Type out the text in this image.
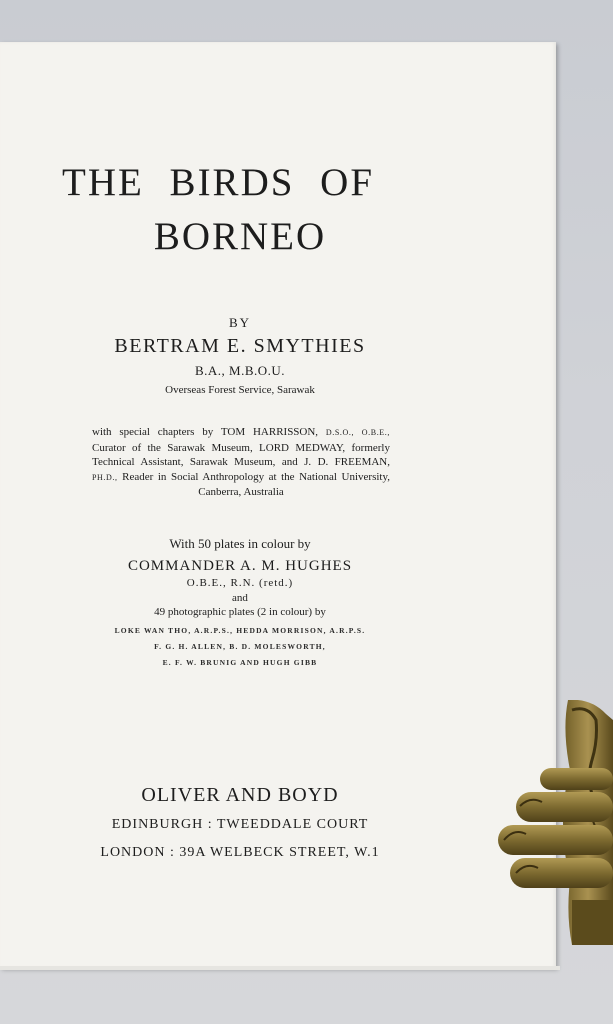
THE BIRDS OF
BORNEO
BY
BERTRAM E. SMYTHIES
B.A., M.B.O.U.
Overseas Forest Service, Sarawak
with special chapters by TOM HARRISSON, D.S.O., O.B.E., Curator of the Sarawak Museum, LORD MEDWAY, formerly Technical Assistant, Sarawak Museum, and J. D. FREEMAN, PH.D., Reader in Social Anthropology at the National University, Canberra, Australia
With 50 plates in colour by
COMMANDER A. M. HUGHES
O.B.E., R.N. (retd.)
and
49 photographic plates (2 in colour) by
LOKE WAN THO, A.R.P.S., HEDDA MORRISON, A.R.P.S.
F. G. H. ALLEN, B. D. MOLESWORTH,
E. F. W. BRUNIG AND HUGH GIBB
OLIVER AND BOYD
EDINBURGH : TWEEDDALE COURT
LONDON : 39A WELBECK STREET, W.1
